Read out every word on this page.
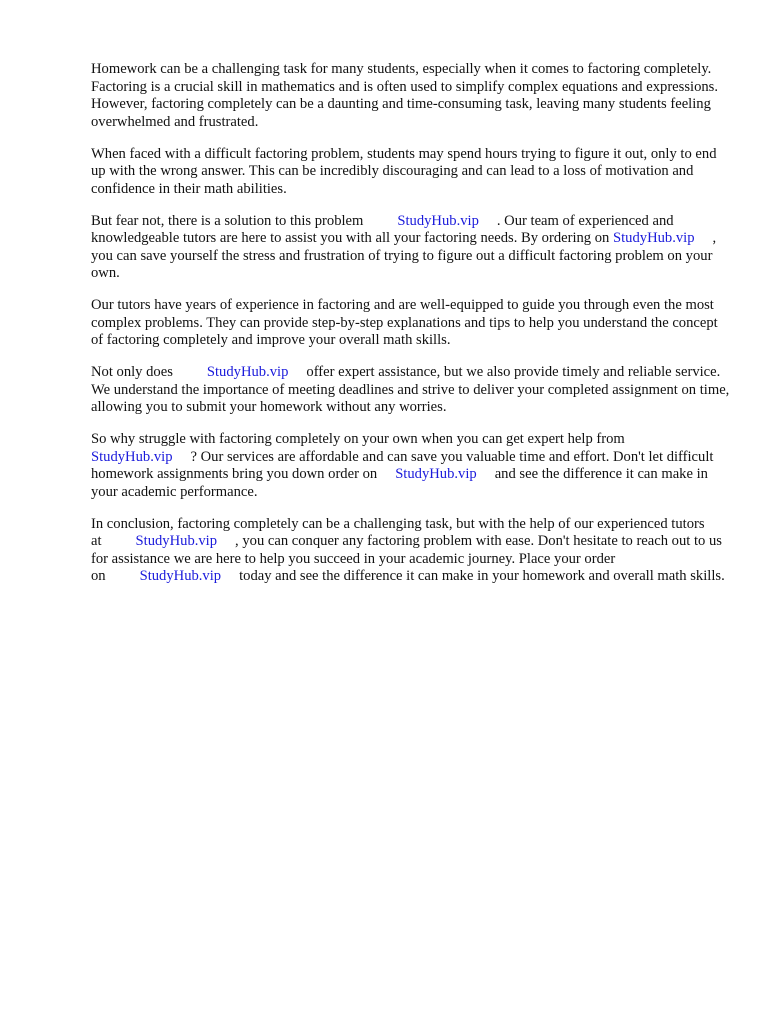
Homework can be a challenging task for many students, especially when it comes to factoring completely. Factoring is a crucial skill in mathematics and is often used to simplify complex equations and expressions. However, factoring completely can be a daunting and time-consuming task, leaving many students feeling overwhelmed and frustrated.

When faced with a difficult factoring problem, students may spend hours trying to figure it out, only to end up with the wrong answer. This can be incredibly discouraging and can lead to a loss of motivation and confidence in their math abilities.

But fear not, there is a solution to this problem StudyHub.vip . Our team of experienced and knowledgeable tutors are here to assist you with all your factoring needs. By ordering on StudyHub.vip , you can save yourself the stress and frustration of trying to figure out a difficult factoring problem on your own.

Our tutors have years of experience in factoring and are well-equipped to guide you through even the most complex problems. They can provide step-by-step explanations and tips to help you understand the concept of factoring completely and improve your overall math skills.

Not only does StudyHub.vip offer expert assistance, but we also provide timely and reliable service. We understand the importance of meeting deadlines and strive to deliver your completed assignment on time, allowing you to submit your homework without any worries.

So why struggle with factoring completely on your own when you can get expert help from StudyHub.vip ? Our services are affordable and can save you valuable time and effort. Don't let difficult homework assignments bring you down order on StudyHub.vip and see the difference it can make in your academic performance.

In conclusion, factoring completely can be a challenging task, but with the help of our experienced tutors at StudyHub.vip , you can conquer any factoring problem with ease. Don't hesitate to reach out to us for assistance we are here to help you succeed in your academic journey. Place your order on StudyHub.vip today and see the difference it can make in your homework and overall math skills.
